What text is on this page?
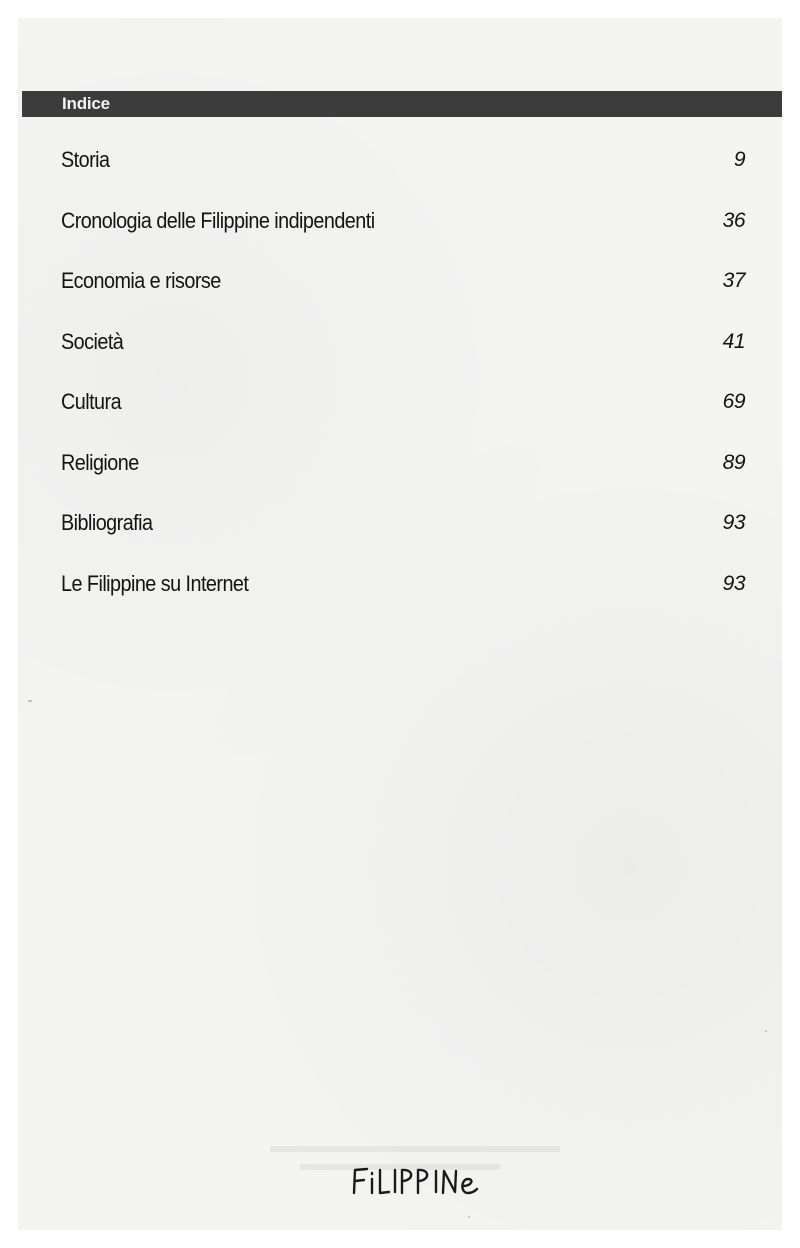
Indice
Storia	9
Cronologia delle Filippine indipendenti	36
Economia e risorse	37
Società	41
Cultura	69
Religione	89
Bibliografia	93
Le Filippine su Internet	93
